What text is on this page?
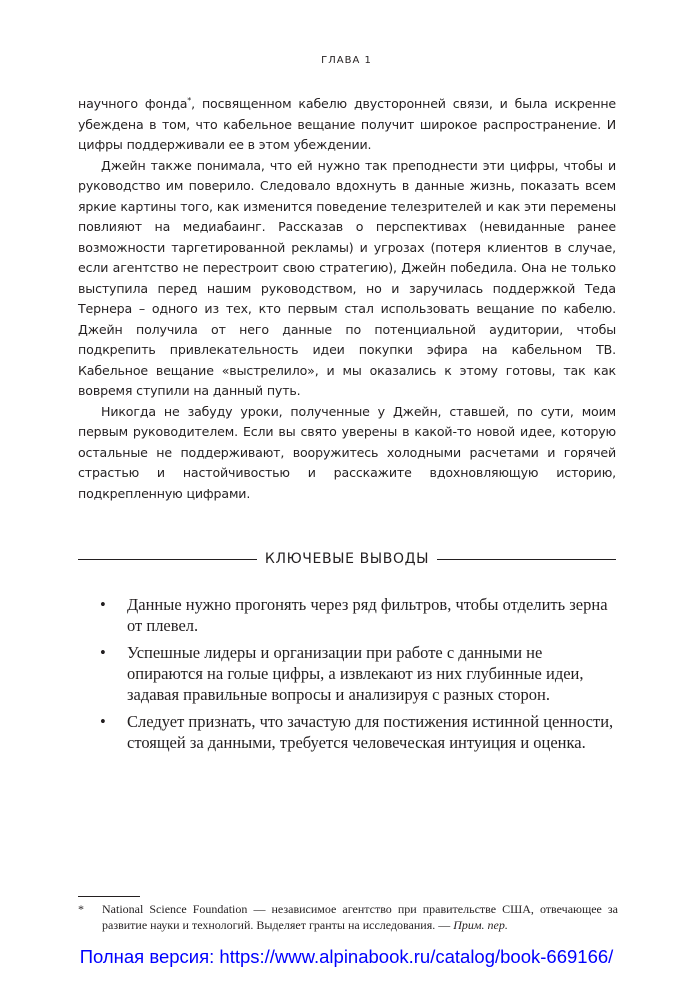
ГЛАВА 1

научного фонда*, посвященном кабелю двусторонней связи, и была искренне убеждена в том, что кабельное вещание получит широкое распространение. И цифры поддерживали ее в этом убеждении.

Джейн также понимала, что ей нужно так преподнести эти цифры, чтобы и руководство им поверило. Следовало вдохнуть в данные жизнь, показать всем яркие картины того, как изменится поведение телезрителей и как эти перемены повлияют на медиабаинг. Рассказав о перспективах (невиданные ранее возможности таргетированной рекламы) и угрозах (потеря клиентов в случае, если агентство не перестроит свою стратегию), Джейн победила. Она не только выступила перед нашим руководством, но и заручилась поддержкой Теда Тернера – одного из тех, кто первым стал использовать вещание по кабелю. Джейн получила от него данные по потенциальной аудитории, чтобы подкрепить привлекательность идеи покупки эфира на кабельном ТВ. Кабельное вещание «выстрелило», и мы оказались к этому готовы, так как вовремя ступили на данный путь.

Никогда не забуду уроки, полученные у Джейн, ставшей, по сути, моим первым руководителем. Если вы свято уверены в какой-то новой идее, которую остальные не поддерживают, вооружитесь холодными расчетами и горячей страстью и настойчивостью и расскажите вдохновляющую историю, подкрепленную цифрами.

КЛЮЧЕВЫЕ ВЫВОДЫ
• Данные нужно прогонять через ряд фильтров, чтобы отделить зерна от плевел.
• Успешные лидеры и организации при работе с данными не опираются на голые цифры, а извлекают из них глубинные идеи, задавая правильные вопросы и анализируя с разных сторон.
• Следует признать, что зачастую для постижения истинной ценности, стоящей за данными, требуется человеческая интуиция и оценка.
*	National Science Foundation — независимое агентство при правительстве США, отвечающее за развитие науки и технологий. Выделяет гранты на исследования. — Прим. пер.
Полная версия: https://www.alpinabook.ru/catalog/book-669166/
